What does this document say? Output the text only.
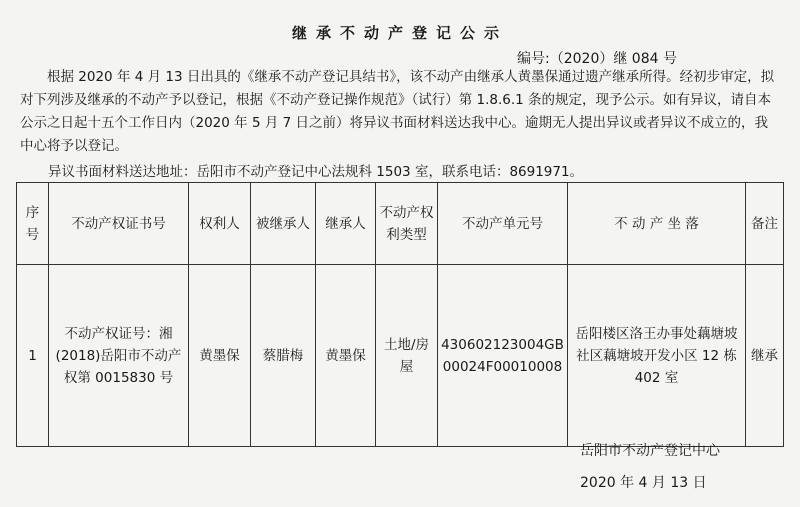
继承不动产登记公示
编号:（2020）继 084 号

根据 2020 年 4 月 13 日出具的《继承不动产登记具结书》，该不动产由继承人黄墨保通过遗产继承所得。经初步审定，拟对下列涉及继承的不动产予以登记，根据《不动产登记操作规范》（试行）第 1.8.6.1 条的规定，现予公示。如有异议，请自本公示之日起十五个工作日内（2020 年 5 月 7 日之前）将异议书面材料送达我中心。逾期无人提出异议或者异议不成立的，我中心将予以登记。

异议书面材料送达地址：岳阳市不动产登记中心法规科 1503 室，联系电话：8691971。
序号	不动产权证书号	权利人	被继承人	继承人	不动产权利类型	不动产单元号	不 动 产 坐 落	备注
1	不动产权证号：湘(2018)岳阳市不动产权第 0015830 号	黄墨保	蔡腊梅	黄墨保	土地/房屋	430602123004GB00024F00010008	岳阳楼区洛王办事处藕塘坡社区藕塘坡开发小区 12 栋 402 室	继承
岳阳市不动产登记中心
2020 年 4 月 13 日
